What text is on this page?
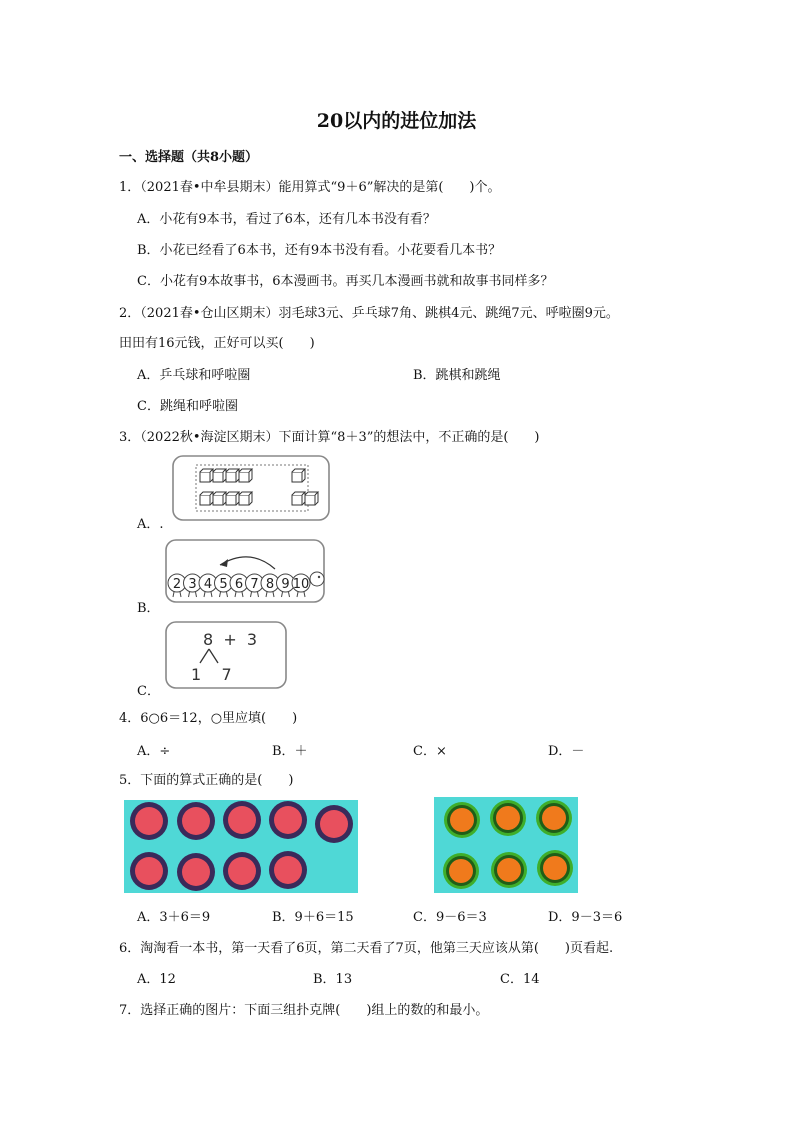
20以内的进位加法
一、选择题（共8小题）
1．（2021春•中牟县期末）能用算式“9＋6”解决的是第(　　)个。
A．小花有9本书，看过了6本，还有几本书没有看？
B．小花已经看了6本书，还有9本书没有看。小花要看几本书？
C．小花有9本故事书，6本漫画书。再买几本漫画书就和故事书同样多？
2．（2021春•仓山区期末）羽毛球3元、乒乓球7角、跳棋4元、跳绳7元、呼啦圈9元。
田田有16元钱，正好可以买(　　)
A．乒乓球和呼啦圈	B．跳棋和跳绳
C．跳绳和呼啦圈
3．（2022秋•海淀区期末）下面计算“8＋3”的想法中，不正确的是(　　)
A．.
2 3 4 5 6 7 8 9 10
B．
8  +  3
1    7
C．
4．6○6＝12，○里应填(　　)
A．÷	B．＋	C．×	D．－
5．下面的算式正确的是(　　)
A．3＋6＝9	B．9＋6＝15	C．9－6＝3	D．9－3＝6
6．淘淘看一本书，第一天看了6页，第二天看了7页，他第三天应该从第(　　)页看起.
A．12	B．13	C．14
7．选择正确的图片：下面三组扑克牌(　　)组上的数的和最小。
